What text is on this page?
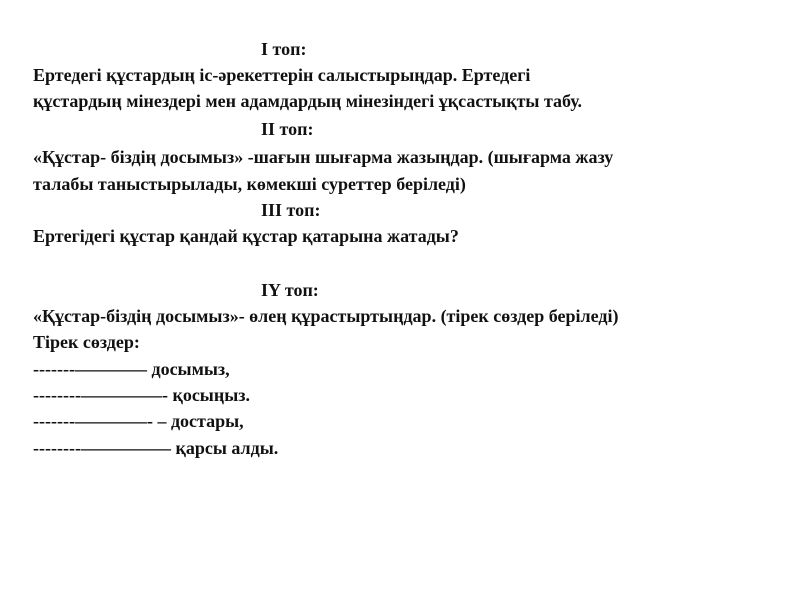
I топ:
Ертедегі құстардың іс-әрекеттерін салыстырыңдар. Ертедегі
құстардың мінездері мен адамдардың мінезіндегі ұқсастықты табу.
II топ:
«Құстар- біздің досымыз» -шағын шығарма жазыңдар. (шығарма жазу
талабы таныстырылады, көмекші суреттер беріледі)
III топ:
Ертегідегі құстар қандай құстар қатарына жатады?
IY топ:
«Құстар-біздің досымыз»- өлең құрастыртыңдар. (тірек сөздер беріледі)
Тірек сөздер:
-------–––––––– досымыз,
--------–––––––––- қосыңыз.
-------––––––––- – достары,
--------–––––––––– қарсы алды.
